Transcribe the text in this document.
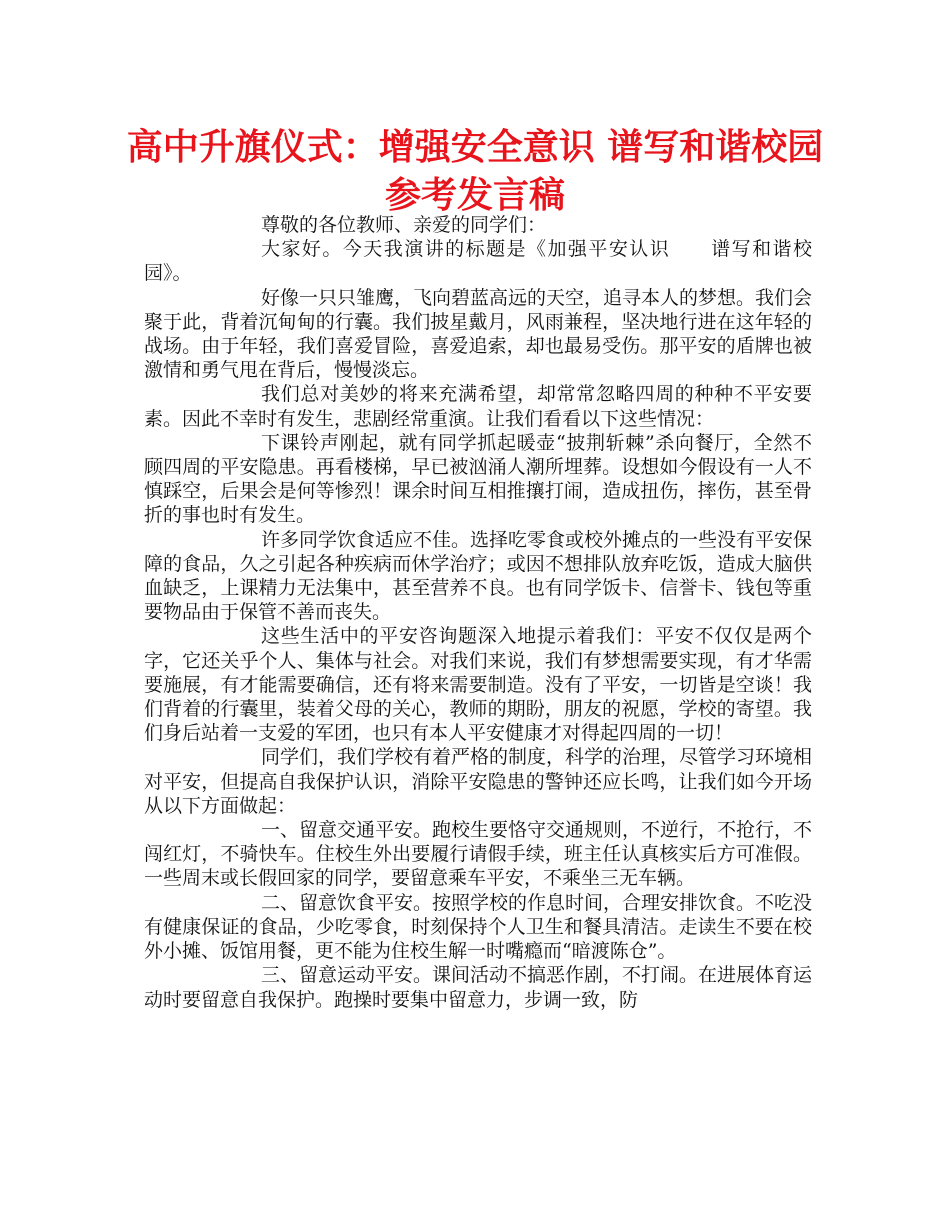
高中升旗仪式：增强安全意识 谱写和谐校园参考发言稿

尊敬的各位教师、亲爱的同学们：

大家好。今天我演讲的标题是《加强平安认识　　谱写和谐校园》。

好像一只只雏鹰，飞向碧蓝高远的天空，追寻本人的梦想。我们会聚于此，背着沉甸甸的行囊。我们披星戴月，风雨兼程，坚决地行进在这年轻的战场。由于年轻，我们喜爱冒险，喜爱追索，却也最易受伤。那平安的盾牌也被激情和勇气甩在背后，慢慢淡忘。

我们总对美妙的将来充满希望，却常常忽略四周的种种不平安要素。因此不幸时有发生，悲剧经常重演。让我们看看以下这些情况：

下课铃声刚起，就有同学抓起暖壶“披荆斩棘”杀向餐厅，全然不顾四周的平安隐患。再看楼梯，早已被汹涌人潮所埋葬。设想如今假设有一人不慎踩空，后果会是何等惨烈！课余时间互相推攘打闹，造成扭伤，摔伤，甚至骨折的事也时有发生。

许多同学饮食适应不佳。选择吃零食或校外摊点的一些没有平安保障的食品，久之引起各种疾病而休学治疗；或因不想排队放弃吃饭，造成大脑供血缺乏，上课精力无法集中，甚至营养不良。也有同学饭卡、信誉卡、钱包等重要物品由于保管不善而丧失。

这些生活中的平安咨询题深入地提示着我们：平安不仅仅是两个字，它还关乎个人、集体与社会。对我们来说，我们有梦想需要实现，有才华需要施展，有才能需要确信，还有将来需要制造。没有了平安，一切皆是空谈！我们背着的行囊里，装着父母的关心，教师的期盼，朋友的祝愿，学校的寄望。我们身后站着一支爱的军团，也只有本人平安健康才对得起四周的一切！

同学们，我们学校有着严格的制度，科学的治理，尽管学习环境相对平安，但提高自我保护认识，消除平安隐患的警钟还应长鸣，让我们如今开场从以下方面做起：

一、留意交通平安。跑校生要恪守交通规则，不逆行，不抢行，不闯红灯，不骑快车。住校生外出要履行请假手续，班主任认真核实后方可准假。一些周末或长假回家的同学，要留意乘车平安，不乘坐三无车辆。

二、留意饮食平安。按照学校的作息时间，合理安排饮食。不吃没有健康保证的食品，少吃零食，时刻保持个人卫生和餐具清洁。走读生不要在校外小摊、饭馆用餐，更不能为住校生解一时嘴瘾而“暗渡陈仓”。

三、留意运动平安。课间活动不搞恶作剧，不打闹。在进展体育运动时要留意自我保护。跑操时要集中留意力，步调一致，防
